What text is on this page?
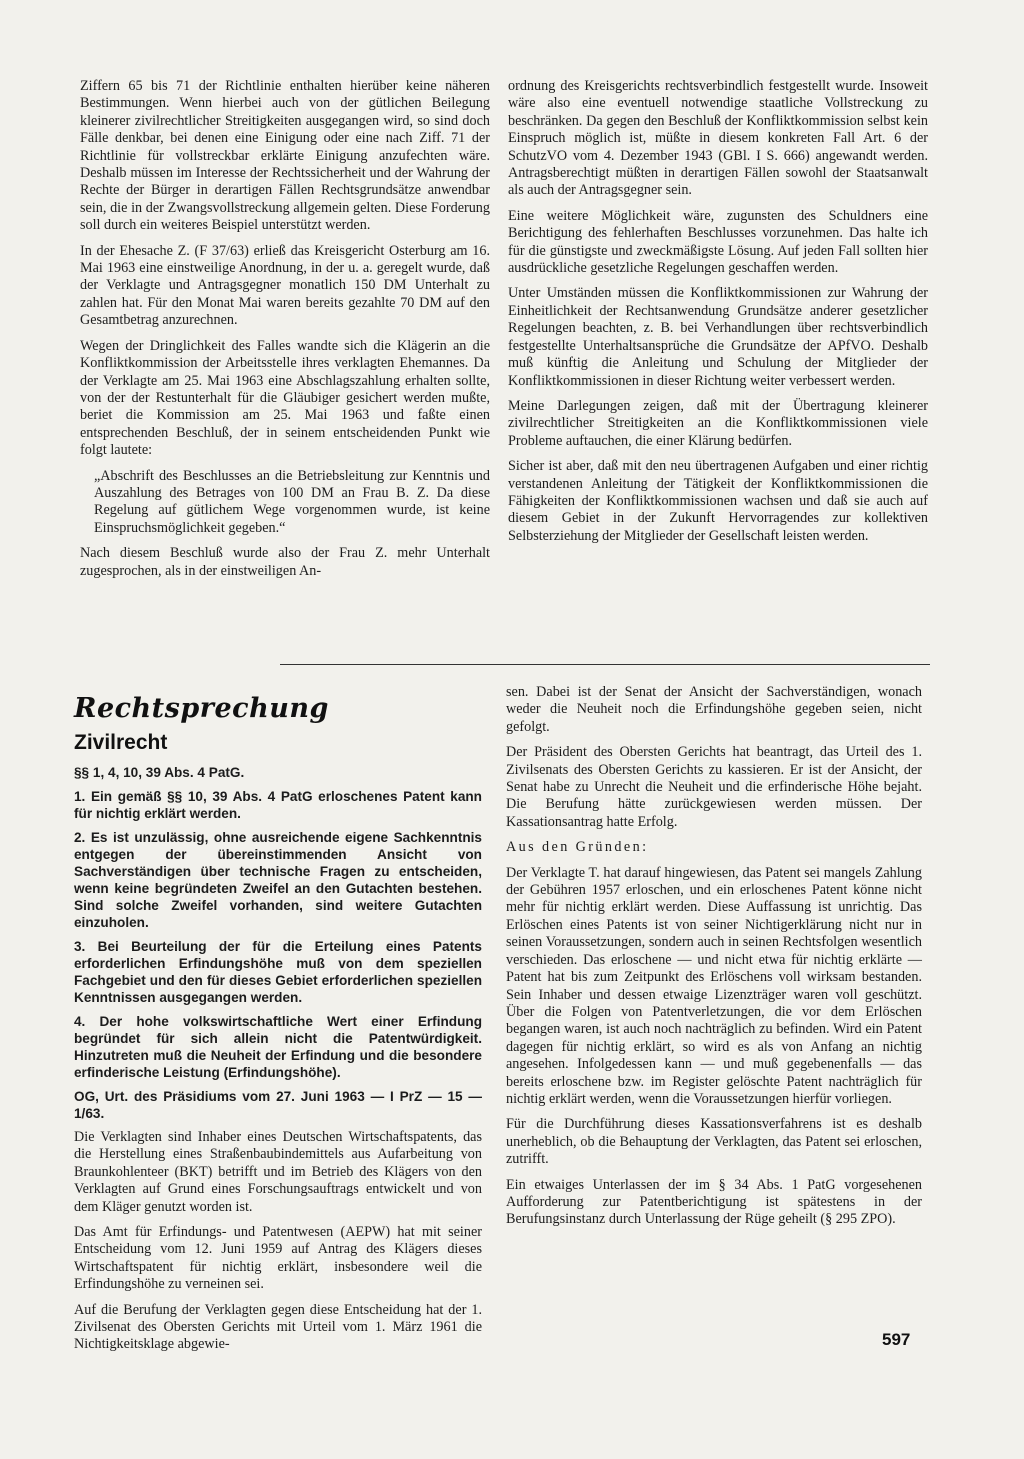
Ziffern 65 bis 71 der Richtlinie enthalten hierüber keine näheren Bestimmungen. Wenn hierbei auch von der gütlichen Beilegung kleinerer zivilrechtlicher Streitigkeiten ausgegangen wird, so sind doch Fälle denkbar, bei denen eine Einigung oder eine nach Ziff. 71 der Richtlinie für vollstreckbar erklärte Einigung anzufechten wäre. Deshalb müssen im Interesse der Rechtssicherheit und der Wahrung der Rechte der Bürger in derartigen Fällen Rechtsgrundsätze anwendbar sein, die in der Zwangsvollstreckung allgemein gelten. Diese Forderung soll durch ein weiteres Beispiel unterstützt werden.

In der Ehesache Z. (F 37/63) erließ das Kreisgericht Osterburg am 16. Mai 1963 eine einstweilige Anordnung, in der u. a. geregelt wurde, daß der Verklagte und Antragsgegner monatlich 150 DM Unterhalt zu zahlen hat. Für den Monat Mai waren bereits gezahlte 70 DM auf den Gesamtbetrag anzurechnen.

Wegen der Dringlichkeit des Falles wandte sich die Klägerin an die Konfliktkommission der Arbeitsstelle ihres verklagten Ehemannes. Da der Verklagte am 25. Mai 1963 eine Abschlagszahlung erhalten sollte, von der der Restunterhalt für die Gläubiger gesichert werden mußte, beriet die Kommission am 25. Mai 1963 und faßte einen entsprechenden Beschluß, der in seinem entscheidenden Punkt wie folgt lautete:

„Abschrift des Beschlusses an die Betriebsleitung zur Kenntnis und Auszahlung des Betrages von 100 DM an Frau B. Z. Da diese Regelung auf gütlichem Wege vorgenommen wurde, ist keine Einspruchsmöglichkeit gegeben.“

Nach diesem Beschluß wurde also der Frau Z. mehr Unterhalt zugesprochen, als in der einstweiligen An-

ordnung des Kreisgerichts rechtsverbindlich festgestellt wurde. Insoweit wäre also eine eventuell notwendige staatliche Vollstreckung zu beschränken. Da gegen den Beschluß der Konfliktkommission selbst kein Einspruch möglich ist, müßte in diesem konkreten Fall Art. 6 der SchutzVO vom 4. Dezember 1943 (GBl. I S. 666) angewandt werden. Antragsberechtigt müßten in derartigen Fällen sowohl der Staatsanwalt als auch der Antragsgegner sein.

Eine weitere Möglichkeit wäre, zugunsten des Schuldners eine Berichtigung des fehlerhaften Beschlusses vorzunehmen. Das halte ich für die günstigste und zweckmäßigste Lösung. Auf jeden Fall sollten hier ausdrückliche gesetzliche Regelungen geschaffen werden.

Unter Umständen müssen die Konfliktkommissionen zur Wahrung der Einheitlichkeit der Rechtsanwendung Grundsätze anderer gesetzlicher Regelungen beachten, z. B. bei Verhandlungen über rechtsverbindlich festgestellte Unterhaltsansprüche die Grundsätze der APfVO. Deshalb muß künftig die Anleitung und Schulung der Mitglieder der Konfliktkommissionen in dieser Richtung weiter verbessert werden.

Meine Darlegungen zeigen, daß mit der Übertragung kleinerer zivilrechtlicher Streitigkeiten an die Konfliktkommissionen viele Probleme auftauchen, die einer Klärung bedürfen.

Sicher ist aber, daß mit den neu übertragenen Aufgaben und einer richtig verstandenen Anleitung der Tätigkeit der Konfliktkommissionen die Fähigkeiten der Konfliktkommissionen wachsen und daß sie auch auf diesem Gebiet in der Zukunft Hervorragendes zur kollektiven Selbsterziehung der Mitglieder der Gesellschaft leisten werden.

Rechtsprechung
Zivilrecht

§§ 1, 4, 10, 39 Abs. 4 PatG.

1. Ein gemäß §§ 10, 39 Abs. 4 PatG erloschenes Patent kann für nichtig erklärt werden.

2. Es ist unzulässig, ohne ausreichende eigene Sachkenntnis entgegen der übereinstimmenden Ansicht von Sachverständigen über technische Fragen zu entscheiden, wenn keine begründeten Zweifel an den Gutachten bestehen. Sind solche Zweifel vorhanden, sind weitere Gutachten einzuholen.

3. Bei Beurteilung der für die Erteilung eines Patents erforderlichen Erfindungshöhe muß von dem speziellen Fachgebiet und den für dieses Gebiet erforderlichen speziellen Kenntnissen ausgegangen werden.

4. Der hohe volkswirtschaftliche Wert einer Erfindung begründet für sich allein nicht die Patentwürdigkeit. Hinzutreten muß die Neuheit der Erfindung und die besondere erfinderische Leistung (Erfindungshöhe).

OG, Urt. des Präsidiums vom 27. Juni 1963 — I PrZ — 15 — 1/63.

Die Verklagten sind Inhaber eines Deutschen Wirtschaftspatents, das die Herstellung eines Straßenbaubindemittels aus Aufarbeitung von Braunkohlenteer (BKT) betrifft und im Betrieb des Klägers von den Verklagten auf Grund eines Forschungsauftrags entwickelt und von dem Kläger genutzt worden ist.

Das Amt für Erfindungs- und Patentwesen (AEPW) hat mit seiner Entscheidung vom 12. Juni 1959 auf Antrag des Klägers dieses Wirtschaftspatent für nichtig erklärt, insbesondere weil die Erfindungshöhe zu verneinen sei.

Auf die Berufung der Verklagten gegen diese Entscheidung hat der 1. Zivilsenat des Obersten Gerichts mit Urteil vom 1. März 1961 die Nichtigkeitsklage abgewie-

sen. Dabei ist der Senat der Ansicht der Sachverständigen, wonach weder die Neuheit noch die Erfindungshöhe gegeben seien, nicht gefolgt.

Der Präsident des Obersten Gerichts hat beantragt, das Urteil des 1. Zivilsenats des Obersten Gerichts zu kassieren. Er ist der Ansicht, der Senat habe zu Unrecht die Neuheit und die erfinderische Höhe bejaht. Die Berufung hätte zurückgewiesen werden müssen. Der Kassationsantrag hatte Erfolg.

Aus den Gründen:

Der Verklagte T. hat darauf hingewiesen, das Patent sei mangels Zahlung der Gebühren 1957 erloschen, und ein erloschenes Patent könne nicht mehr für nichtig erklärt werden. Diese Auffassung ist unrichtig. Das Erlöschen eines Patents ist von seiner Nichtigerklärung nicht nur in seinen Voraussetzungen, sondern auch in seinen Rechtsfolgen wesentlich verschieden. Das erloschene — und nicht etwa für nichtig erklärte — Patent hat bis zum Zeitpunkt des Erlöschens voll wirksam bestanden. Sein Inhaber und dessen etwaige Lizenzträger waren voll geschützt. Über die Folgen von Patentverletzungen, die vor dem Erlöschen begangen waren, ist auch noch nachträglich zu befinden. Wird ein Patent dagegen für nichtig erklärt, so wird es als von Anfang an nichtig angesehen. Infolgedessen kann — und muß gegebenenfalls — das bereits erloschene bzw. im Register gelöschte Patent nachträglich für nichtig erklärt werden, wenn die Voraussetzungen hierfür vorliegen.

Für die Durchführung dieses Kassationsverfahrens ist es deshalb unerheblich, ob die Behauptung der Verklagten, das Patent sei erloschen, zutrifft.

Ein etwaiges Unterlassen der im § 34 Abs. 1 PatG vorgesehenen Aufforderung zur Patentberichtigung ist spätestens in der Berufungsinstanz durch Unterlassung der Rüge geheilt (§ 295 ZPO).

597
